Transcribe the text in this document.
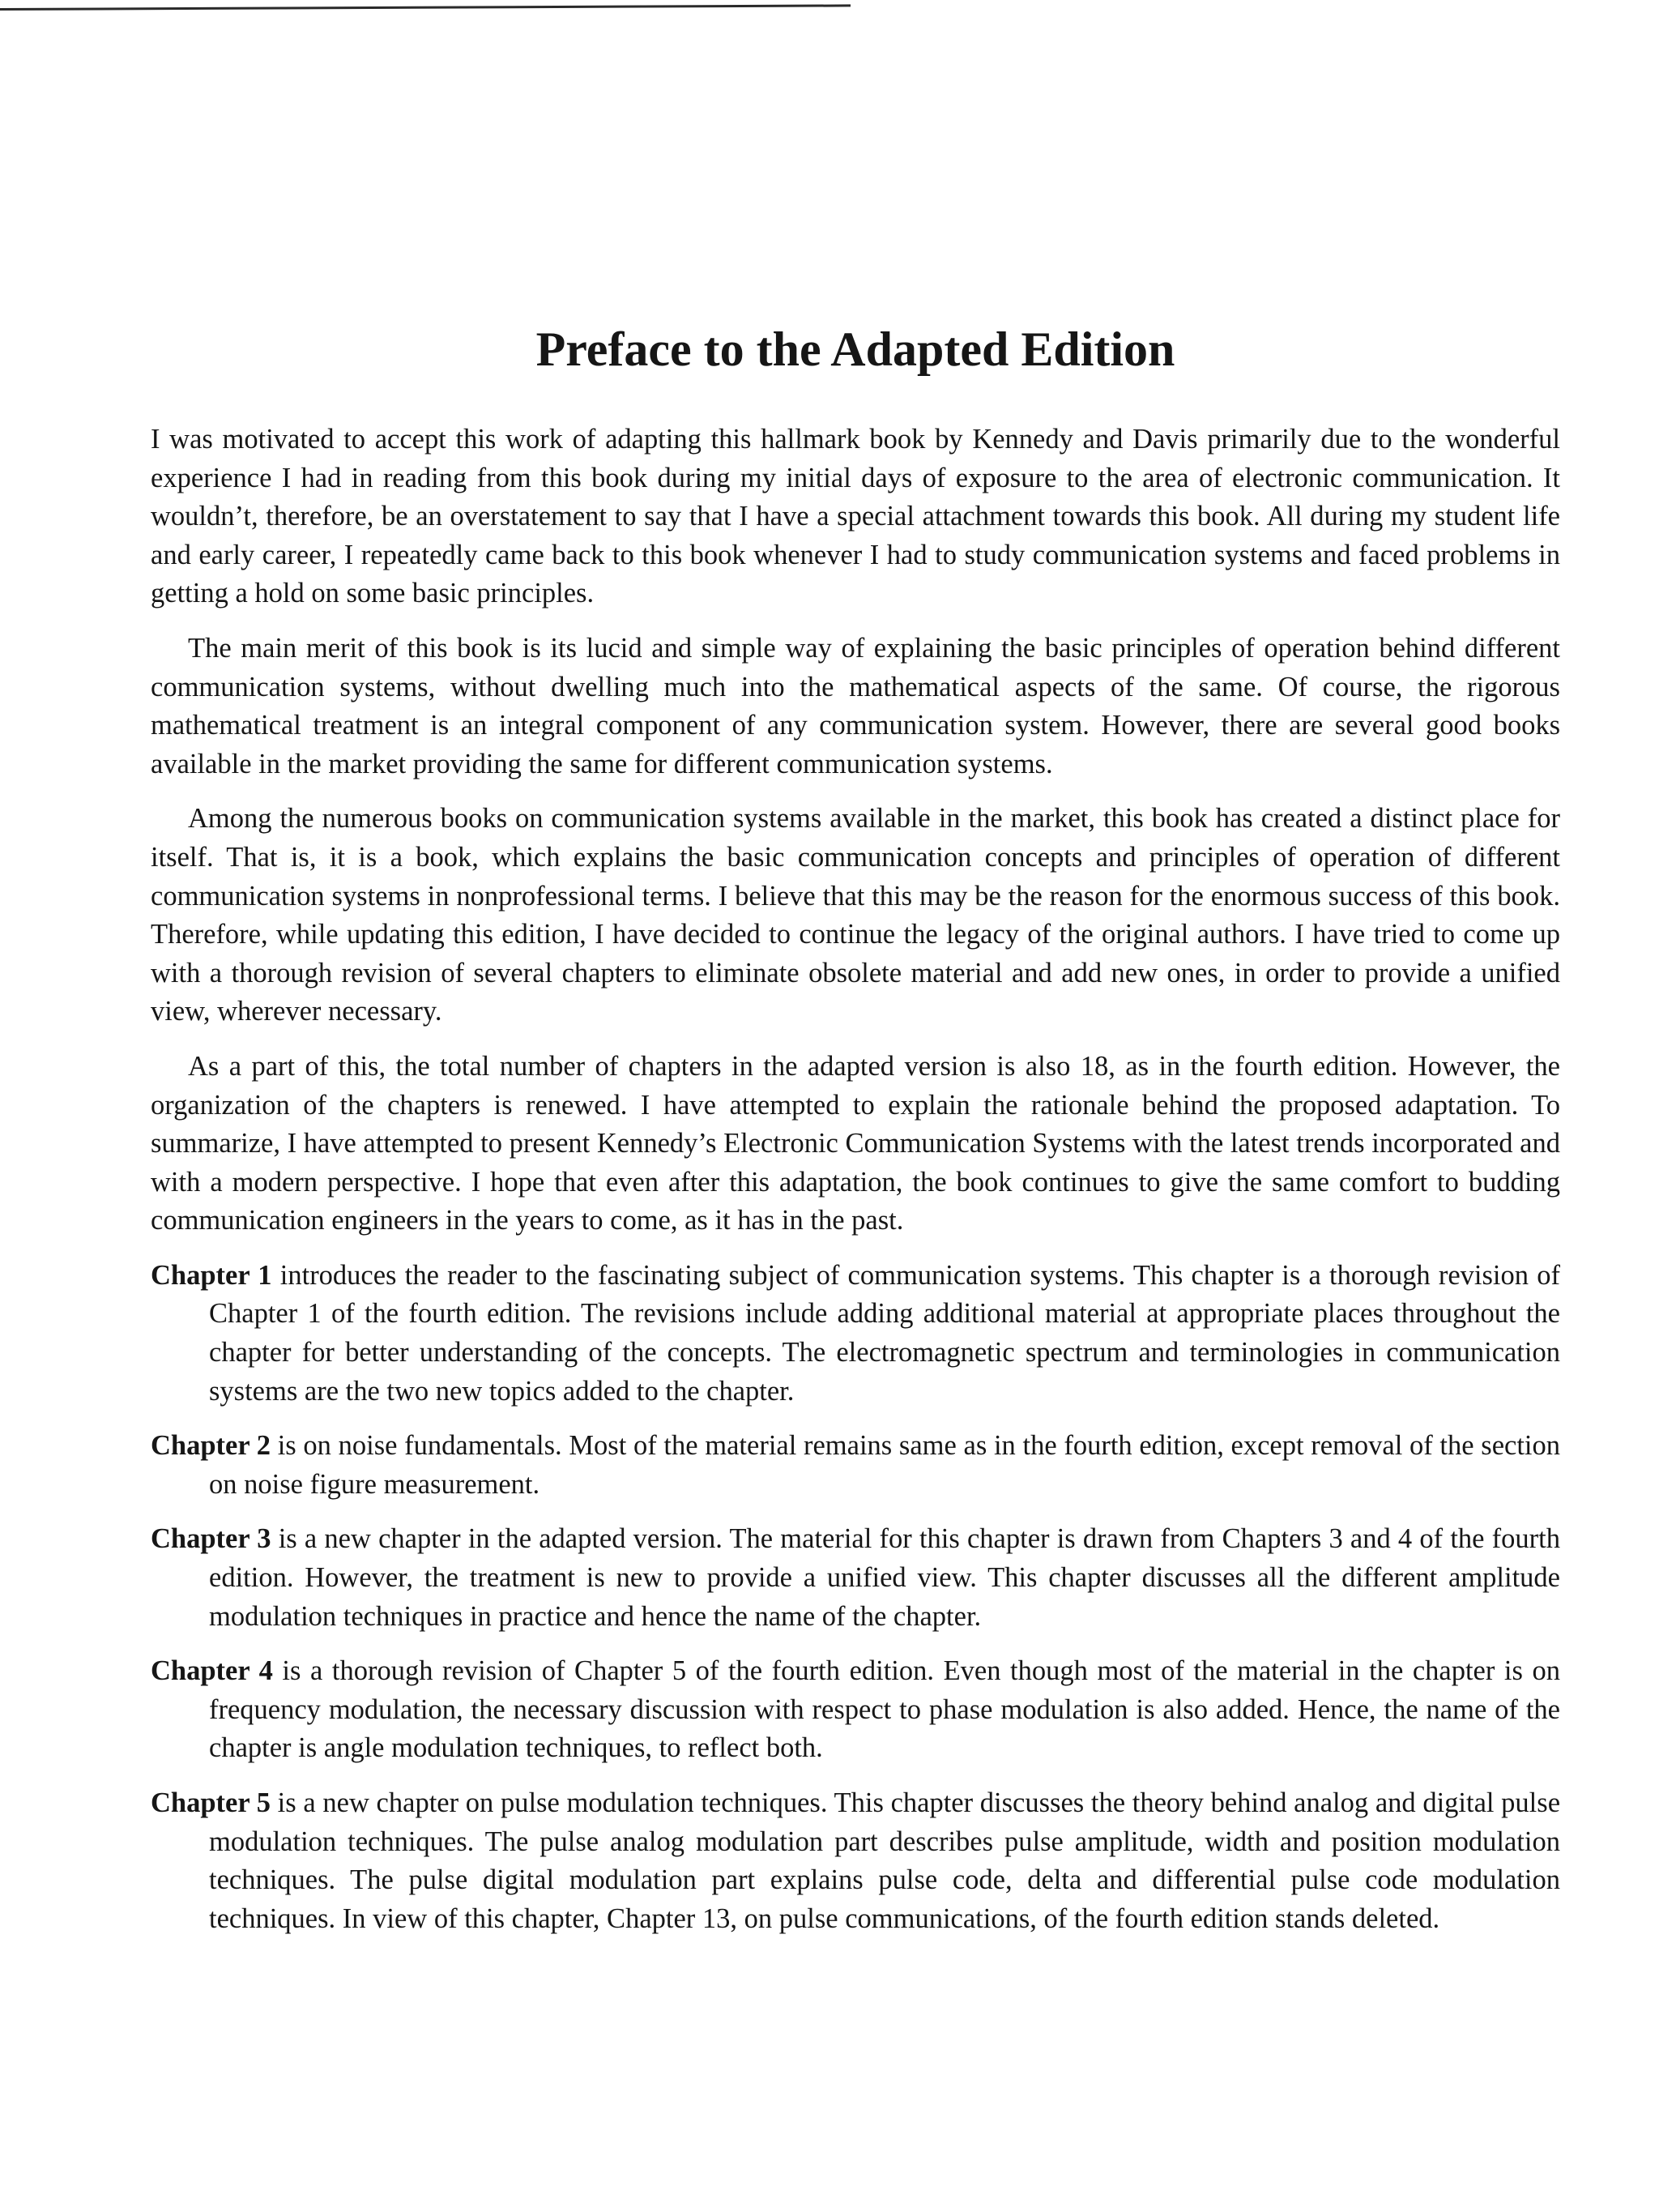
Preface to the Adapted Edition

I was motivated to accept this work of adapting this hallmark book by Kennedy and Davis primarily due to the wonderful experience I had in reading from this book during my initial days of exposure to the area of electronic communication. It wouldn’t, therefore, be an overstatement to say that I have a special attachment towards this book. All during my student life and early career, I repeatedly came back to this book whenever I had to study communication systems and faced problems in getting a hold on some basic principles.

The main merit of this book is its lucid and simple way of explaining the basic principles of operation behind different communication systems, without dwelling much into the mathematical aspects of the same. Of course, the rigorous mathematical treatment is an integral component of any communication system. However, there are several good books available in the market providing the same for different communication systems.

Among the numerous books on communication systems available in the market, this book has created a distinct place for itself. That is, it is a book, which explains the basic communication concepts and principles of operation of different communication systems in nonprofessional terms. I believe that this may be the reason for the enormous success of this book. Therefore, while updating this edition, I have decided to continue the legacy of the original authors. I have tried to come up with a thorough revision of several chapters to eliminate obsolete material and add new ones, in order to provide a unified view, wherever necessary.

As a part of this, the total number of chapters in the adapted version is also 18, as in the fourth edition. However, the organization of the chapters is renewed. I have attempted to explain the rationale behind the proposed adaptation. To summarize, I have attempted to present Kennedy’s Electronic Communication Systems with the latest trends incorporated and with a modern perspective. I hope that even after this adaptation, the book continues to give the same comfort to budding communication engineers in the years to come, as it has in the past.

Chapter 1 introduces the reader to the fascinating subject of communication systems. This chapter is a thorough revision of Chapter 1 of the fourth edition. The revisions include adding additional material at appropriate places throughout the chapter for better understanding of the concepts. The electromagnetic spectrum and terminologies in communication systems are the two new topics added to the chapter.

Chapter 2 is on noise fundamentals. Most of the material remains same as in the fourth edition, except removal of the section on noise figure measurement.

Chapter 3 is a new chapter in the adapted version. The material for this chapter is drawn from Chapters 3 and 4 of the fourth edition. However, the treatment is new to provide a unified view. This chapter discusses all the different amplitude modulation techniques in practice and hence the name of the chapter.

Chapter 4 is a thorough revision of Chapter 5 of the fourth edition. Even though most of the material in the chapter is on frequency modulation, the necessary discussion with respect to phase modulation is also added. Hence, the name of the chapter is angle modulation techniques, to reflect both.

Chapter 5 is a new chapter on pulse modulation techniques. This chapter discusses the theory behind analog and digital pulse modulation techniques. The pulse analog modulation part describes pulse amplitude, width and position modulation techniques. The pulse digital modulation part explains pulse code, delta and differential pulse code modulation techniques. In view of this chapter, Chapter 13, on pulse communications, of the fourth edition stands deleted.
